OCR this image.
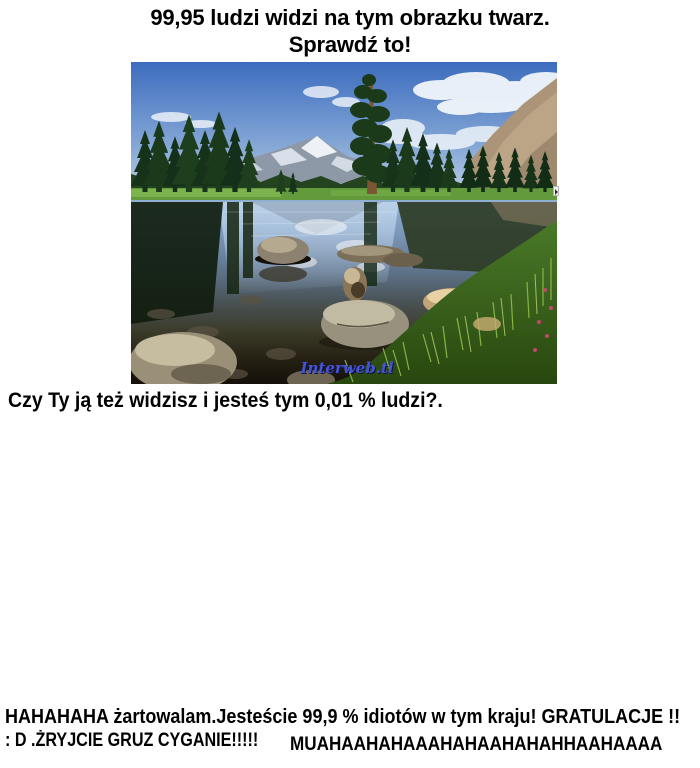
99,95 ludzi widzi na tym obrazku twarz.
Sprawdź to!
Interweb.tl
Czy Ty ją też widzisz i jesteś tym 0,01 % ludzi?.
HAHAHAHA żartowalam.Jesteście 99,9 % idiotów w tym kraju! GRATULACJE !!
: D .ŻRYJCIE GRUZ CYGANIE!!!!! MUAHAAHAHAAAHAHAAHAHAHHAAHAAAA
